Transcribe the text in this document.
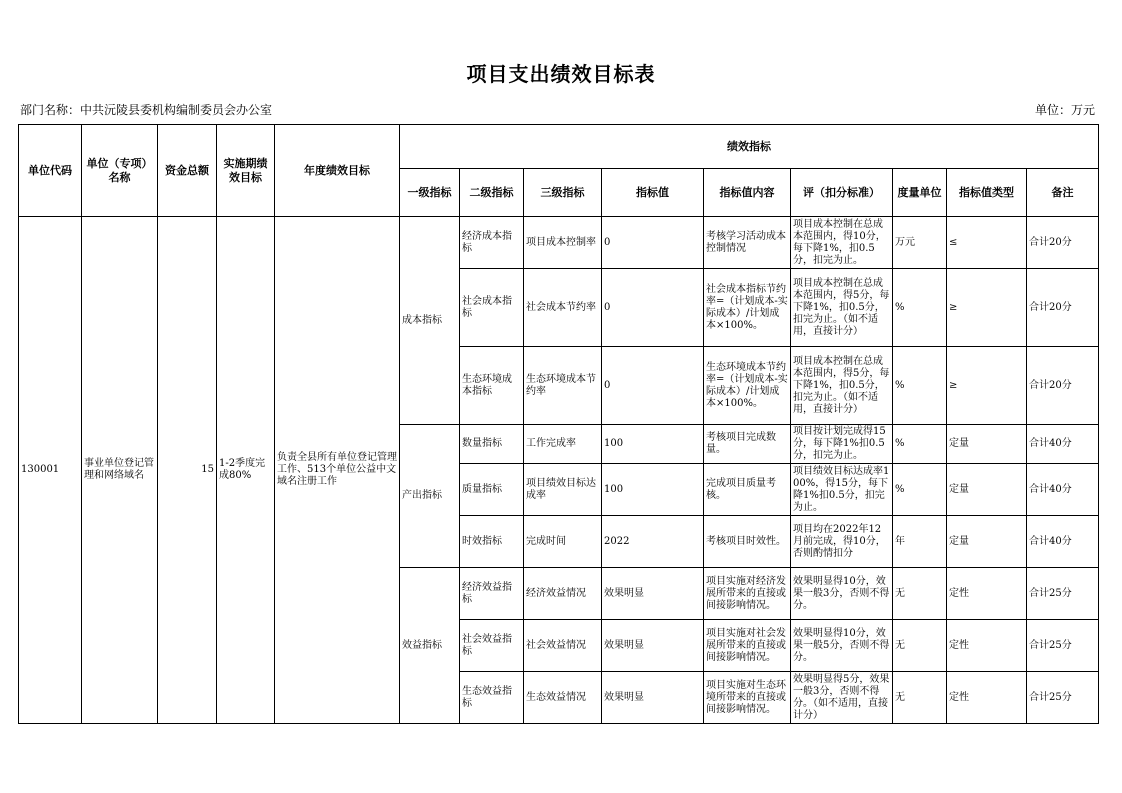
项目支出绩效目标表
部门名称：中共沅陵县委机构编制委员会办公室	单位：万元
单位代码	单位（专项）名称	资金总额	实施期绩效目标	年度绩效目标	绩效指标								
					一级指标	二级指标	三级指标	指标值	指标值内容	评（扣分标准）	度量单位	指标值类型	备注
130001	事业单位登记管理和网络域名	15	1-2季度完成80%	负责全县所有单位登记管理工作、513个单位公益中文域名注册工作	成本指标	经济成本指标	项目成本控制率	0	考核学习活动成本控制情况	项目成本控制在总成本范围内，得10分，每下降1%，扣0.5分，扣完为止。	万元	≤	合计20分
						社会成本指标	社会成本节约率	0	社会成本指标节约率=（计划成本-实际成本）/计划成本×100%。	项目成本控制在总成本范围内，得5分，每下降1%，扣0.5分，扣完为止。（如不适用，直接计分）	%	≥	合计20分
						生态环境成本指标	生态环境成本节约率	0	生态环境成本节约率=（计划成本-实际成本）/计划成本×100%。	项目成本控制在总成本范围内，得5分，每下降1%，扣0.5分，扣完为止。（如不适用，直接计分）	%	≥	合计20分
					产出指标	数量指标	工作完成率	100	考核项目完成数量。	项目按计划完成得15分，每下降1%扣0.5分，扣完为止。	%	定量	合计40分
						质量指标	项目绩效目标达成率	100	完成项目质量考核。	项目绩效目标达成率100%，得15分，每下降1%扣0.5分，扣完为止。	%	定量	合计40分
						时效指标	完成时间	2022	考核项目时效性。	项目均在2022年12月前完成，得10分，否则酌情扣分	年	定量	合计40分
					效益指标	经济效益指标	经济效益情况	效果明显	项目实施对经济发展所带来的直接或间接影响情况。	效果明显得10分，效果一般3分，否则不得分。	无	定性	合计25分
						社会效益指标	社会效益情况	效果明显	项目实施对社会发展所带来的直接或间接影响情况。	效果明显得10分，效果一般5分，否则不得分。	无	定性	合计25分
						生态效益指标	生态效益情况	效果明显	项目实施对生态环境所带来的直接或间接影响情况。	效果明显得5分，效果一般3分，否则不得分。（如不适用，直接计分）	无	定性	合计25分
